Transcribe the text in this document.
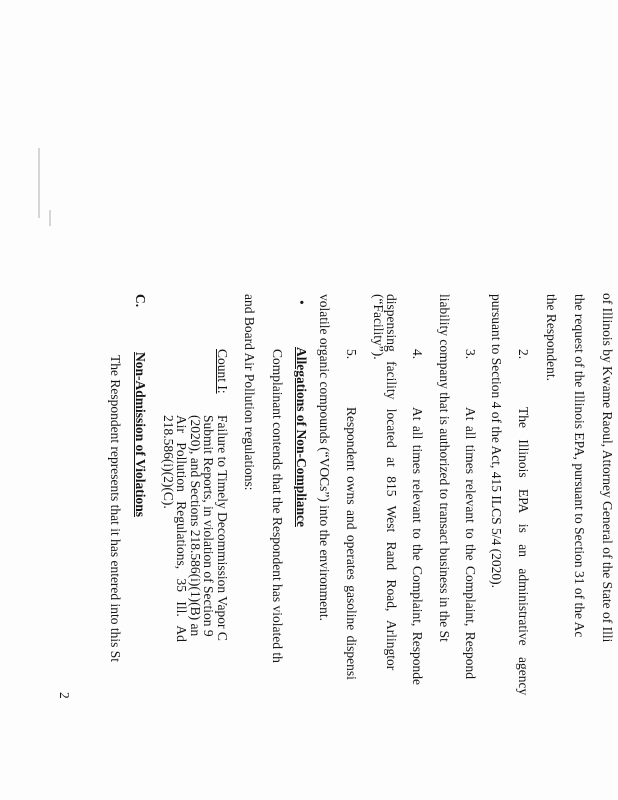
of Illinois by Kwame Raoul, Attorney General of the State of Illi
the request of the Illinois EPA, pursuant to Section 31 of the Ac
the Respondent.
2.
The Illinois EPA is an administrative agency
pursuant to Section 4 of the Act, 415 ILCS 5/4 (2020).
3.
At all times relevant to the Complaint, Respond
liability company that is authorized to transact business in the St
4.
At all times relevant to the Complaint, Responde
dispensing facility located at 815 West Rand Road, Arlingtor
(“Facility”).
5.
Respondent owns and operates gasoline dispensi
volatile organic compounds (“VOCs”) into the environment.
•
Allegations of Non-Compliance
Complainant contends that the Respondent has violated th
and Board Air Pollution regulations:
Count I:
Failure to Timely Decommission Vapor C
Submit Reports, in violation of Section 9
(2020), and Sections 218.586(i)(1)(B) an
Air Pollution Regulations, 35 Ill. Ad
218.586(i)(2)(C).
C.
Non-Admission of Violations
The Respondent represents that it has entered into this St
2
